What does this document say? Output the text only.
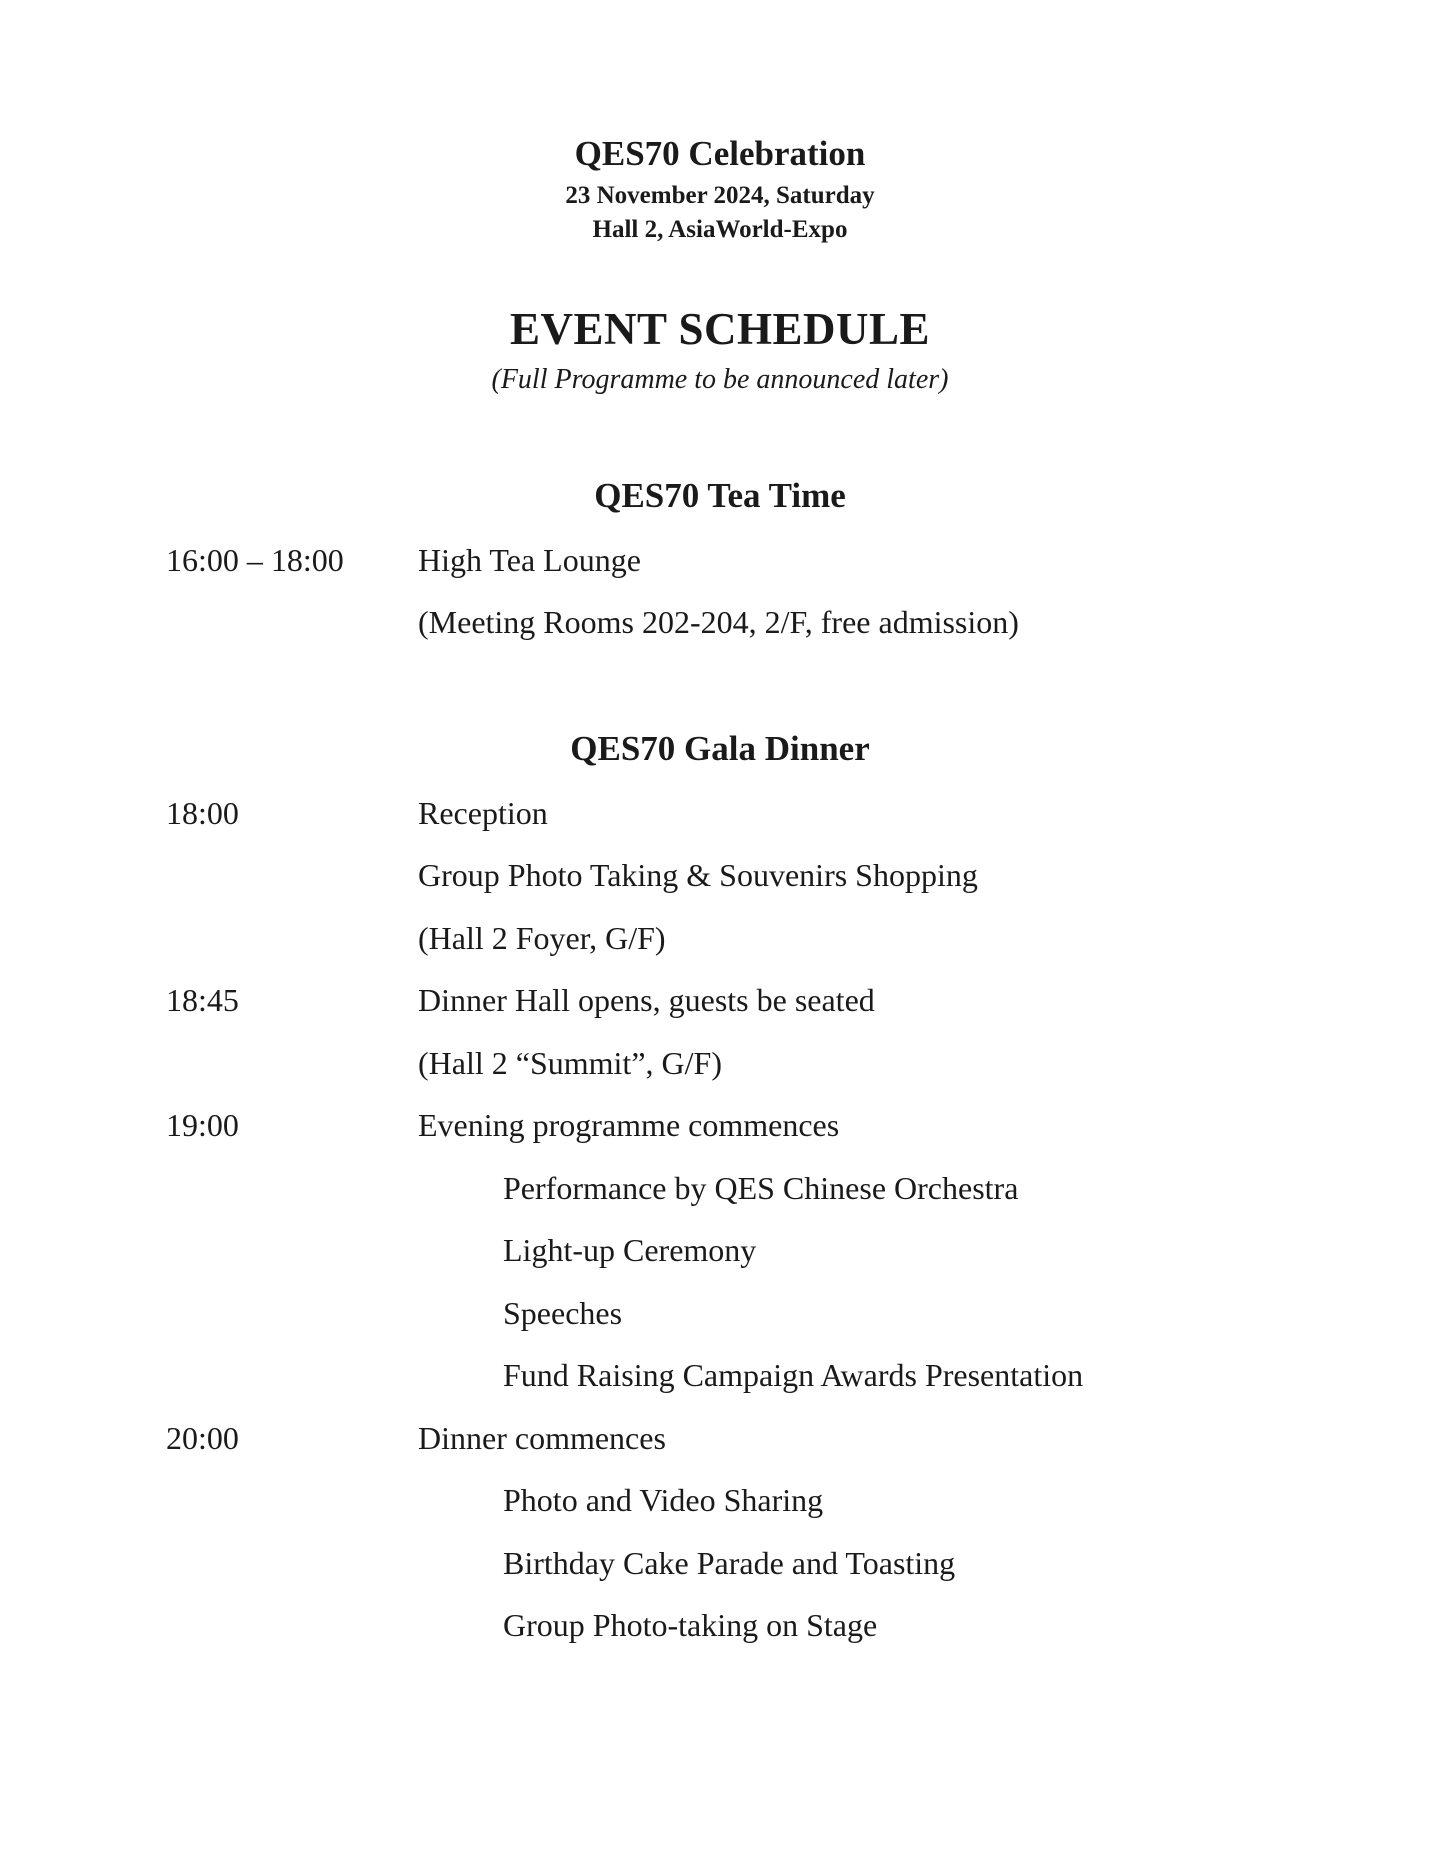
QES70 Celebration
23 November 2024, Saturday
Hall 2, AsiaWorld-Expo
EVENT SCHEDULE
(Full Programme to be announced later)
QES70 Tea Time
16:00 – 18:00 High Tea Lounge
(Meeting Rooms 202-204, 2/F, free admission)
QES70 Gala Dinner
18:00	Reception
Group Photo Taking & Souvenirs Shopping
(Hall 2 Foyer, G/F)
18:45	Dinner Hall opens, guests be seated
(Hall 2 “Summit”, G/F)
19:00	Evening programme commences
Performance by QES Chinese Orchestra
Light-up Ceremony
Speeches
Fund Raising Campaign Awards Presentation
20:00	Dinner commences
Photo and Video Sharing
Birthday Cake Parade and Toasting
Group Photo-taking on Stage
